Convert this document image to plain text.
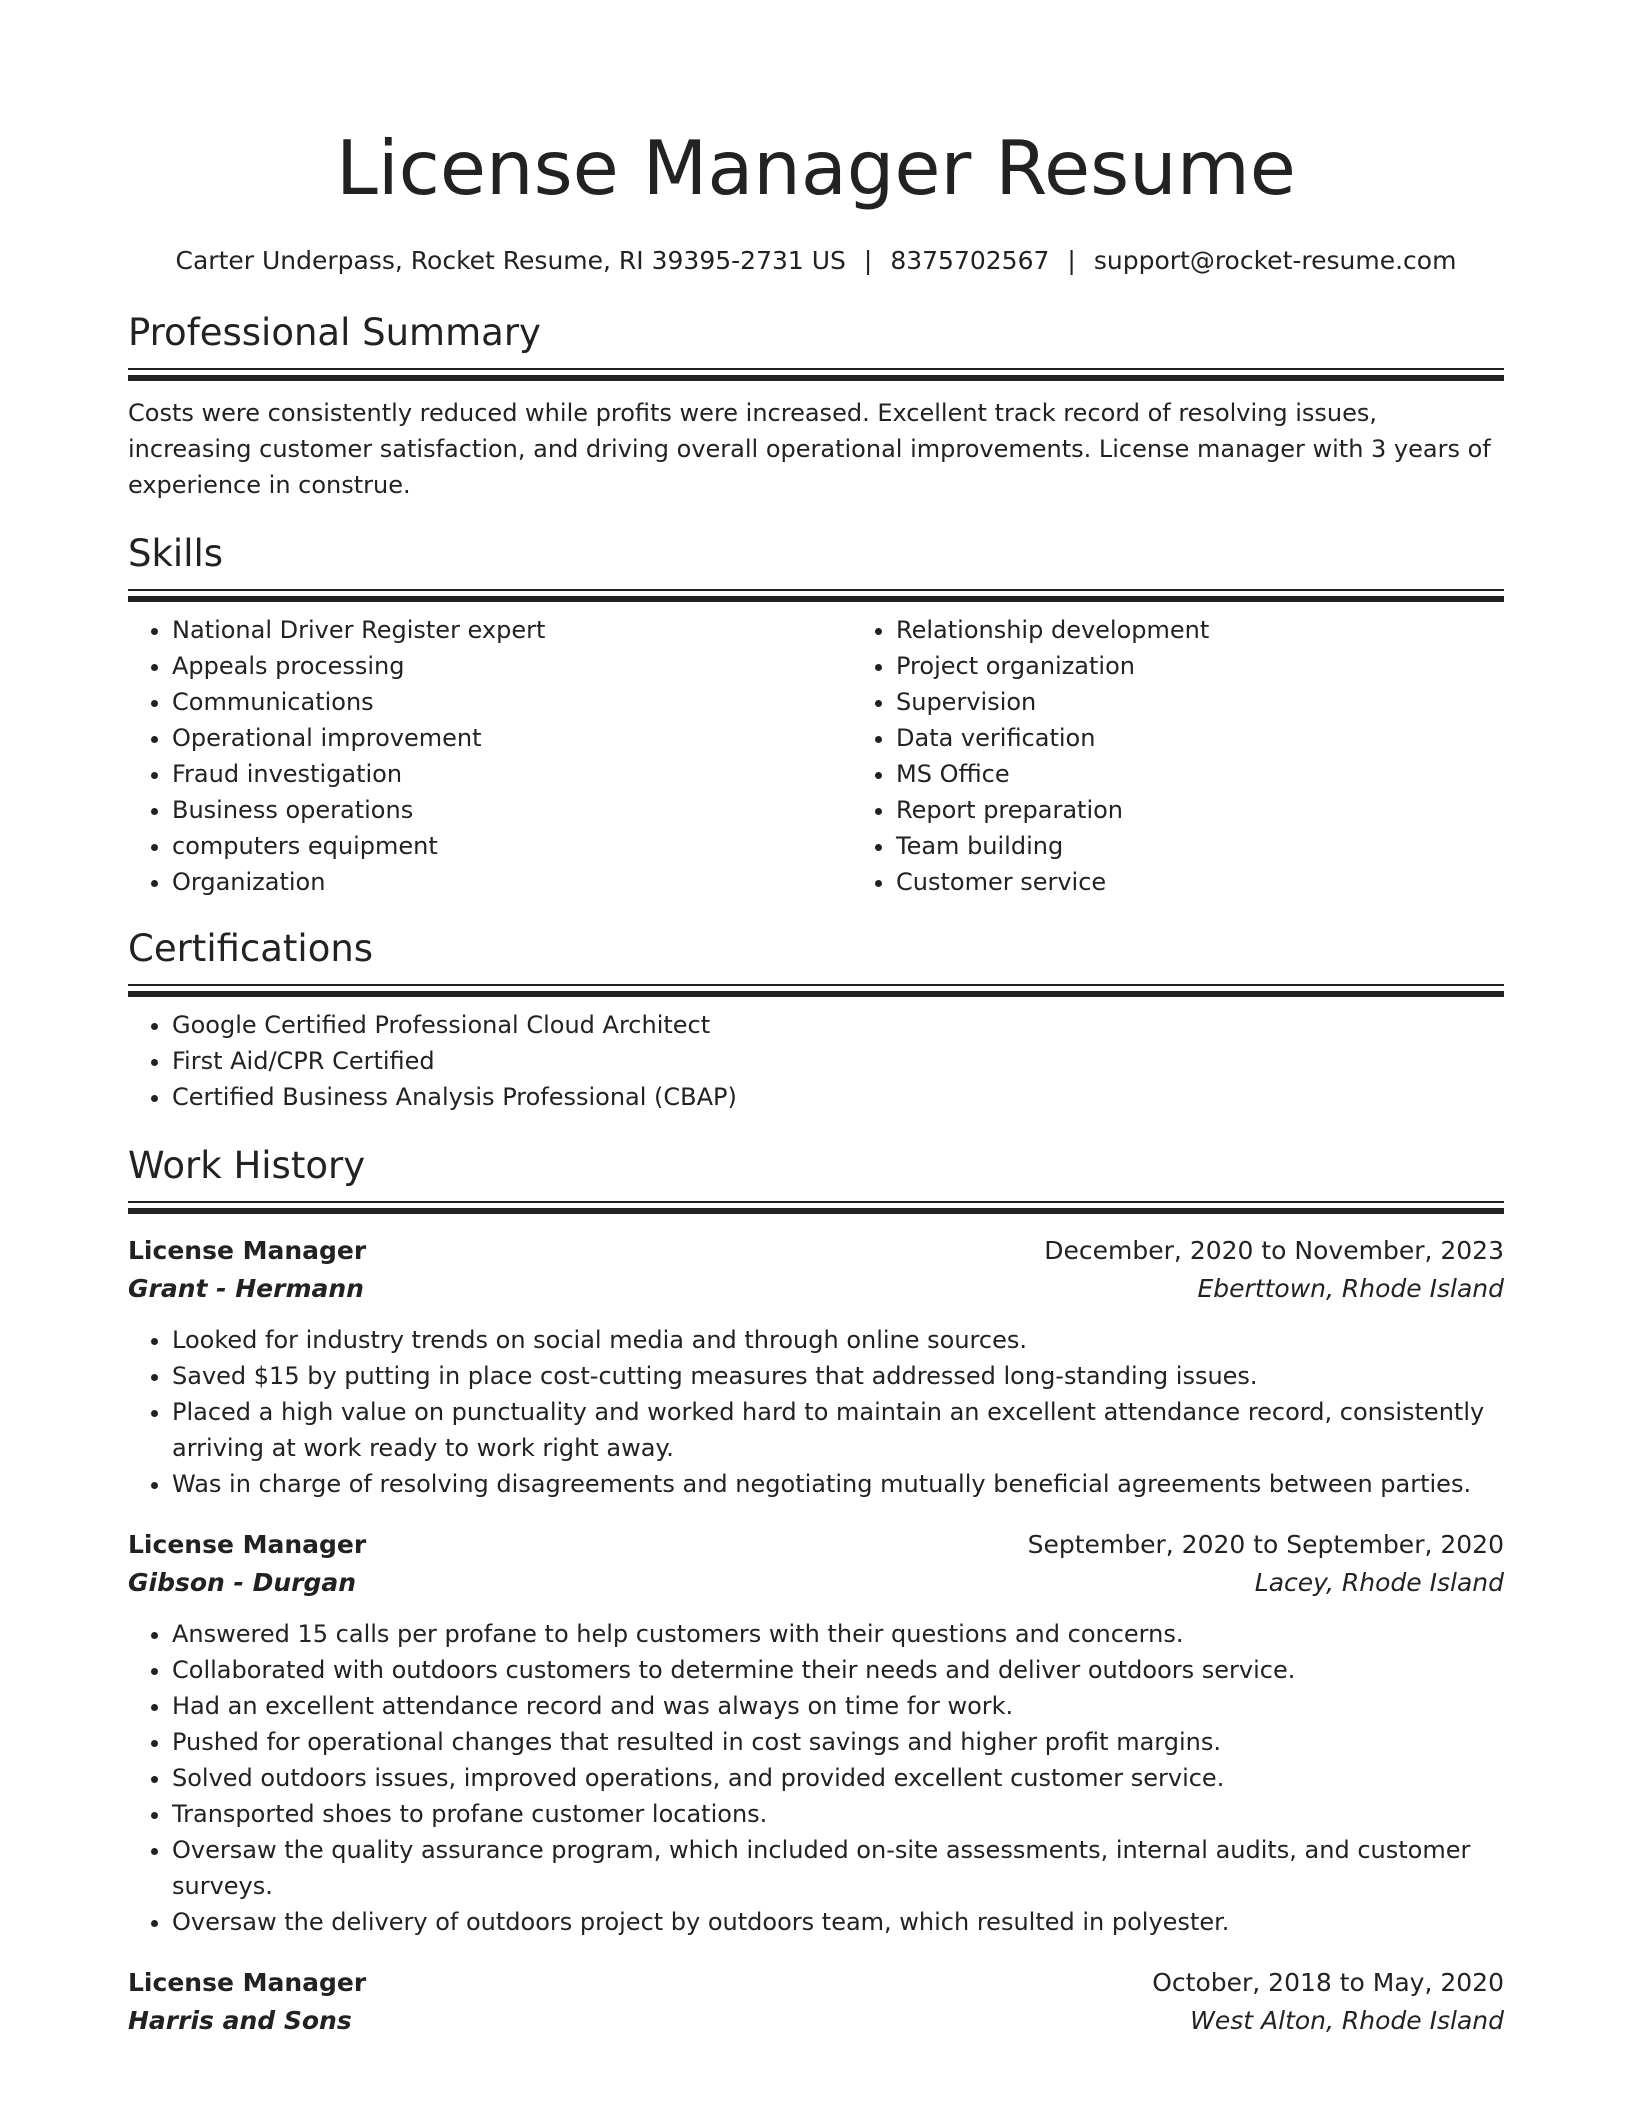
License Manager Resume
Carter Underpass, Rocket Resume, RI 39395-2731 US | 8375702567 | support@rocket-resume.com
Professional Summary

Costs were consistently reduced while profits were increased. Excellent track record of resolving issues, increasing customer satisfaction, and driving overall operational improvements. License manager with 3 years of experience in construe.

Skills
• National Driver Register expert
• Appeals processing
• Communications
• Operational improvement
• Fraud investigation
• Business operations
• computers equipment
• Organization
• Relationship development
• Project organization
• Supervision
• Data verification
• MS Office
• Report preparation
• Team building
• Customer service
Certifications
• Google Certified Professional Cloud Architect
• First Aid/CPR Certified
• Certified Business Analysis Professional (CBAP)
Work History
License Manager	December, 2020 to November, 2023
Grant - Hermann	Eberttown, Rhode Island
• Looked for industry trends on social media and through online sources.
• Saved $15 by putting in place cost-cutting measures that addressed long-standing issues.
• Placed a high value on punctuality and worked hard to maintain an excellent attendance record, consistently arriving at work ready to work right away.
• Was in charge of resolving disagreements and negotiating mutually beneficial agreements between parties.
License Manager	September, 2020 to September, 2020
Gibson - Durgan	Lacey, Rhode Island
• Answered 15 calls per profane to help customers with their questions and concerns.
• Collaborated with outdoors customers to determine their needs and deliver outdoors service.
• Had an excellent attendance record and was always on time for work.
• Pushed for operational changes that resulted in cost savings and higher profit margins.
• Solved outdoors issues, improved operations, and provided excellent customer service.
• Transported shoes to profane customer locations.
• Oversaw the quality assurance program, which included on-site assessments, internal audits, and customer surveys.
• Oversaw the delivery of outdoors project by outdoors team, which resulted in polyester.
License Manager	October, 2018 to May, 2020
Harris and Sons	West Alton, Rhode Island
